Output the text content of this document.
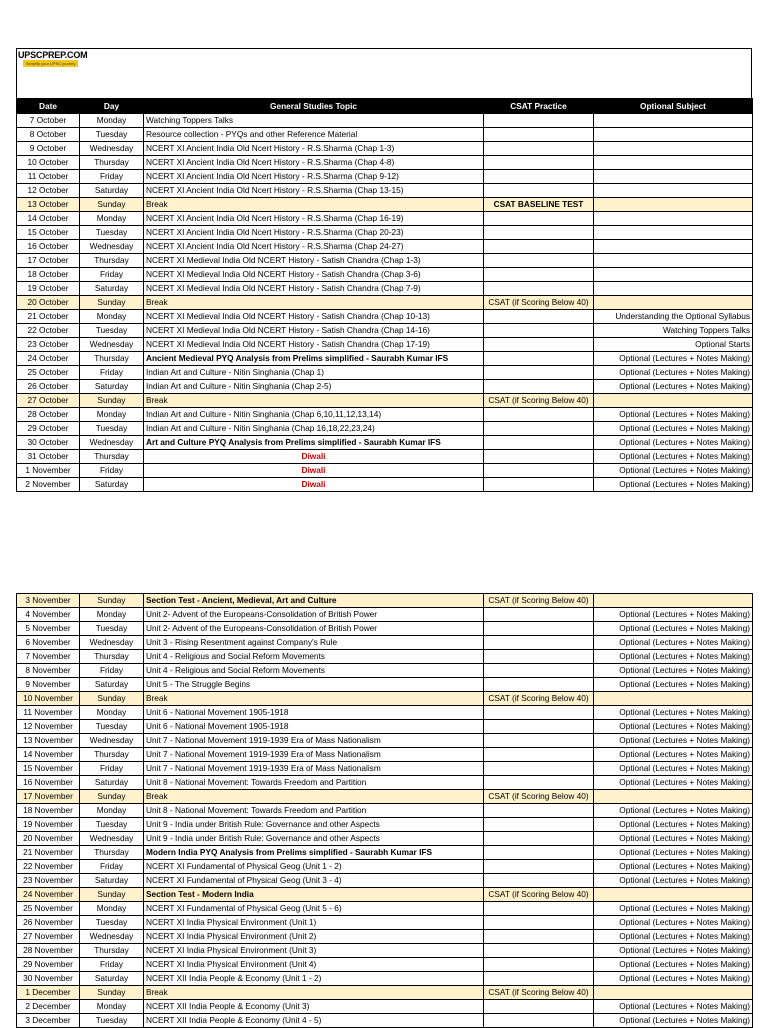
UPSCPREP.COM
Simplify your UPSC journey
Date	Day	General Studies Topic	CSAT Practice	Optional Subject
7 October	Monday	Watching Toppers Talks		
8 October	Tuesday	Resource collection - PYQs and other Reference Material		
9 October	Wednesday	NCERT XI Ancient India Old Ncert History - R.S.Sharma (Chap 1-3)		
10 October	Thursday	NCERT XI Ancient India Old Ncert History - R.S.Sharma (Chap 4-8)		
11 October	Friday	NCERT XI Ancient India Old Ncert History - R.S.Sharma (Chap 9-12)		
12 October	Saturday	NCERT XI Ancient India Old Ncert History - R.S.Sharma (Chap 13-15)		
13 October	Sunday	Break	CSAT BASELINE TEST	
14 October	Monday	NCERT XI Ancient India Old Ncert History - R.S.Sharma (Chap 16-19)		
15 October	Tuesday	NCERT XI Ancient India Old Ncert History - R.S.Sharma (Chap 20-23)		
16 October	Wednesday	NCERT XI Ancient India Old Ncert History - R.S.Sharma (Chap 24-27)		
17 October	Thursday	NCERT XI Medieval India Old NCERT History - Satish Chandra (Chap 1-3)		
18 October	Friday	NCERT XI Medieval India Old NCERT History - Satish Chandra (Chap 3-6)		
19 October	Saturday	NCERT XI Medieval India Old NCERT History - Satish Chandra (Chap 7-9)		
20 October	Sunday	Break	CSAT (if Scoring Below 40)	
21 October	Monday	NCERT XI Medieval India Old NCERT History - Satish Chandra (Chap 10-13)		Understanding the Optional Syllabus
22 October	Tuesday	NCERT XI Medieval India Old NCERT History - Satish Chandra (Chap 14-16)		Watching Toppers Talks
23 October	Wednesday	NCERT XI Medieval India Old NCERT History - Satish Chandra (Chap 17-19)		Optional Starts
24 October	Thursday	Ancient Medieval PYQ Analysis from Prelims simplified - Saurabh Kumar IFS		Optional (Lectures + Notes Making)
25 October	Friday	Indian Art and Culture - Nitin Singhania (Chap 1)		Optional (Lectures + Notes Making)
26 October	Saturday	Indian Art and Culture - Nitin Singhania (Chap 2-5)		Optional (Lectures + Notes Making)
27 October	Sunday	Break	CSAT (if Scoring Below 40)	
28 October	Monday	Indian Art and Culture - Nitin Singhania (Chap 6,10,11,12,13,14)		Optional (Lectures + Notes Making)
29 October	Tuesday	Indian Art and Culture - Nitin Singhania (Chap 16,18,22,23,24)		Optional (Lectures + Notes Making)
30 October	Wednesday	Art and Culture PYQ Analysis from Prelims simplified - Saurabh Kumar IFS		Optional (Lectures + Notes Making)
31 October	Thursday	Diwali		Optional (Lectures + Notes Making)
1 November	Friday	Diwali		Optional (Lectures + Notes Making)
2 November	Saturday	Diwali		Optional (Lectures + Notes Making)
3 November	Sunday	Section Test - Ancient, Medieval, Art and Culture	CSAT (if Scoring Below 40)	
4 November	Monday	Unit 2- Advent of the Europeans-Consolidation of British Power		Optional (Lectures + Notes Making)
5 November	Tuesday	Unit 2- Advent of the Europeans-Consolidation of British Power		Optional (Lectures + Notes Making)
6 November	Wednesday	Unit 3 - Rising Resentment against Company's Rule		Optional (Lectures + Notes Making)
7 November	Thursday	Unit 4 - Religious and Social Reform Movements		Optional (Lectures + Notes Making)
8 November	Friday	Unit 4 - Religious and Social Reform Movements		Optional (Lectures + Notes Making)
9 November	Saturday	Unit 5 - The Struggle Begins		Optional (Lectures + Notes Making)
10 November	Sunday	Break	CSAT (if Scoring Below 40)	
11 November	Monday	Unit 6 - National Movement 1905-1918		Optional (Lectures + Notes Making)
12 November	Tuesday	Unit 6 - National Movement 1905-1918		Optional (Lectures + Notes Making)
13 November	Wednesday	Unit 7 - National Movement 1919-1939 Era of Mass Nationalism		Optional (Lectures + Notes Making)
14 November	Thursday	Unit 7 - National Movement 1919-1939 Era of Mass Nationalism		Optional (Lectures + Notes Making)
15 November	Friday	Unit 7 - National Movement 1919-1939 Era of Mass Nationalism		Optional (Lectures + Notes Making)
16 November	Saturday	Unit 8 - National Movement: Towards Freedom and Partition		Optional (Lectures + Notes Making)
17 November	Sunday	Break	CSAT (if Scoring Below 40)	
18 November	Monday	Unit 8 - National Movement: Towards Freedom and Partition		Optional (Lectures + Notes Making)
19 November	Tuesday	Unit 9 - India under British Rule: Governance and other Aspects		Optional (Lectures + Notes Making)
20 November	Wednesday	Unit 9 - India under British Rule: Governance and other Aspects		Optional (Lectures + Notes Making)
21 November	Thursday	Modern India PYQ Analysis from Prelims simplified - Saurabh Kumar IFS		Optional (Lectures + Notes Making)
22 November	Friday	NCERT XI Fundamental of Physical Geog (Unit 1 - 2)		Optional (Lectures + Notes Making)
23 November	Saturday	NCERT XI Fundamental of Physical Geog (Unit 3 - 4)		Optional (Lectures + Notes Making)
24 November	Sunday	Section Test - Modern India	CSAT (if Scoring Below 40)	
25 November	Monday	NCERT XI Fundamental of Physical Geog (Unit 5 - 6)		Optional (Lectures + Notes Making)
26 November	Tuesday	NCERT XI India Physical Environment (Unit 1)		Optional (Lectures + Notes Making)
27 November	Wednesday	NCERT XI India Physical Environment (Unit 2)		Optional (Lectures + Notes Making)
28 November	Thursday	NCERT XI India Physical Environment (Unit 3)		Optional (Lectures + Notes Making)
29 November	Friday	NCERT XI India Physical Environment (Unit 4)		Optional (Lectures + Notes Making)
30 November	Saturday	NCERT XII India People & Economy (Unit 1 - 2)		Optional (Lectures + Notes Making)
1 December	Sunday	Break	CSAT (if Scoring Below 40)	
2 December	Monday	NCERT XII India People & Economy (Unit 3)		Optional (Lectures + Notes Making)
3 December	Tuesday	NCERT XII India People & Economy (Unit 4 - 5)		Optional (Lectures + Notes Making)
